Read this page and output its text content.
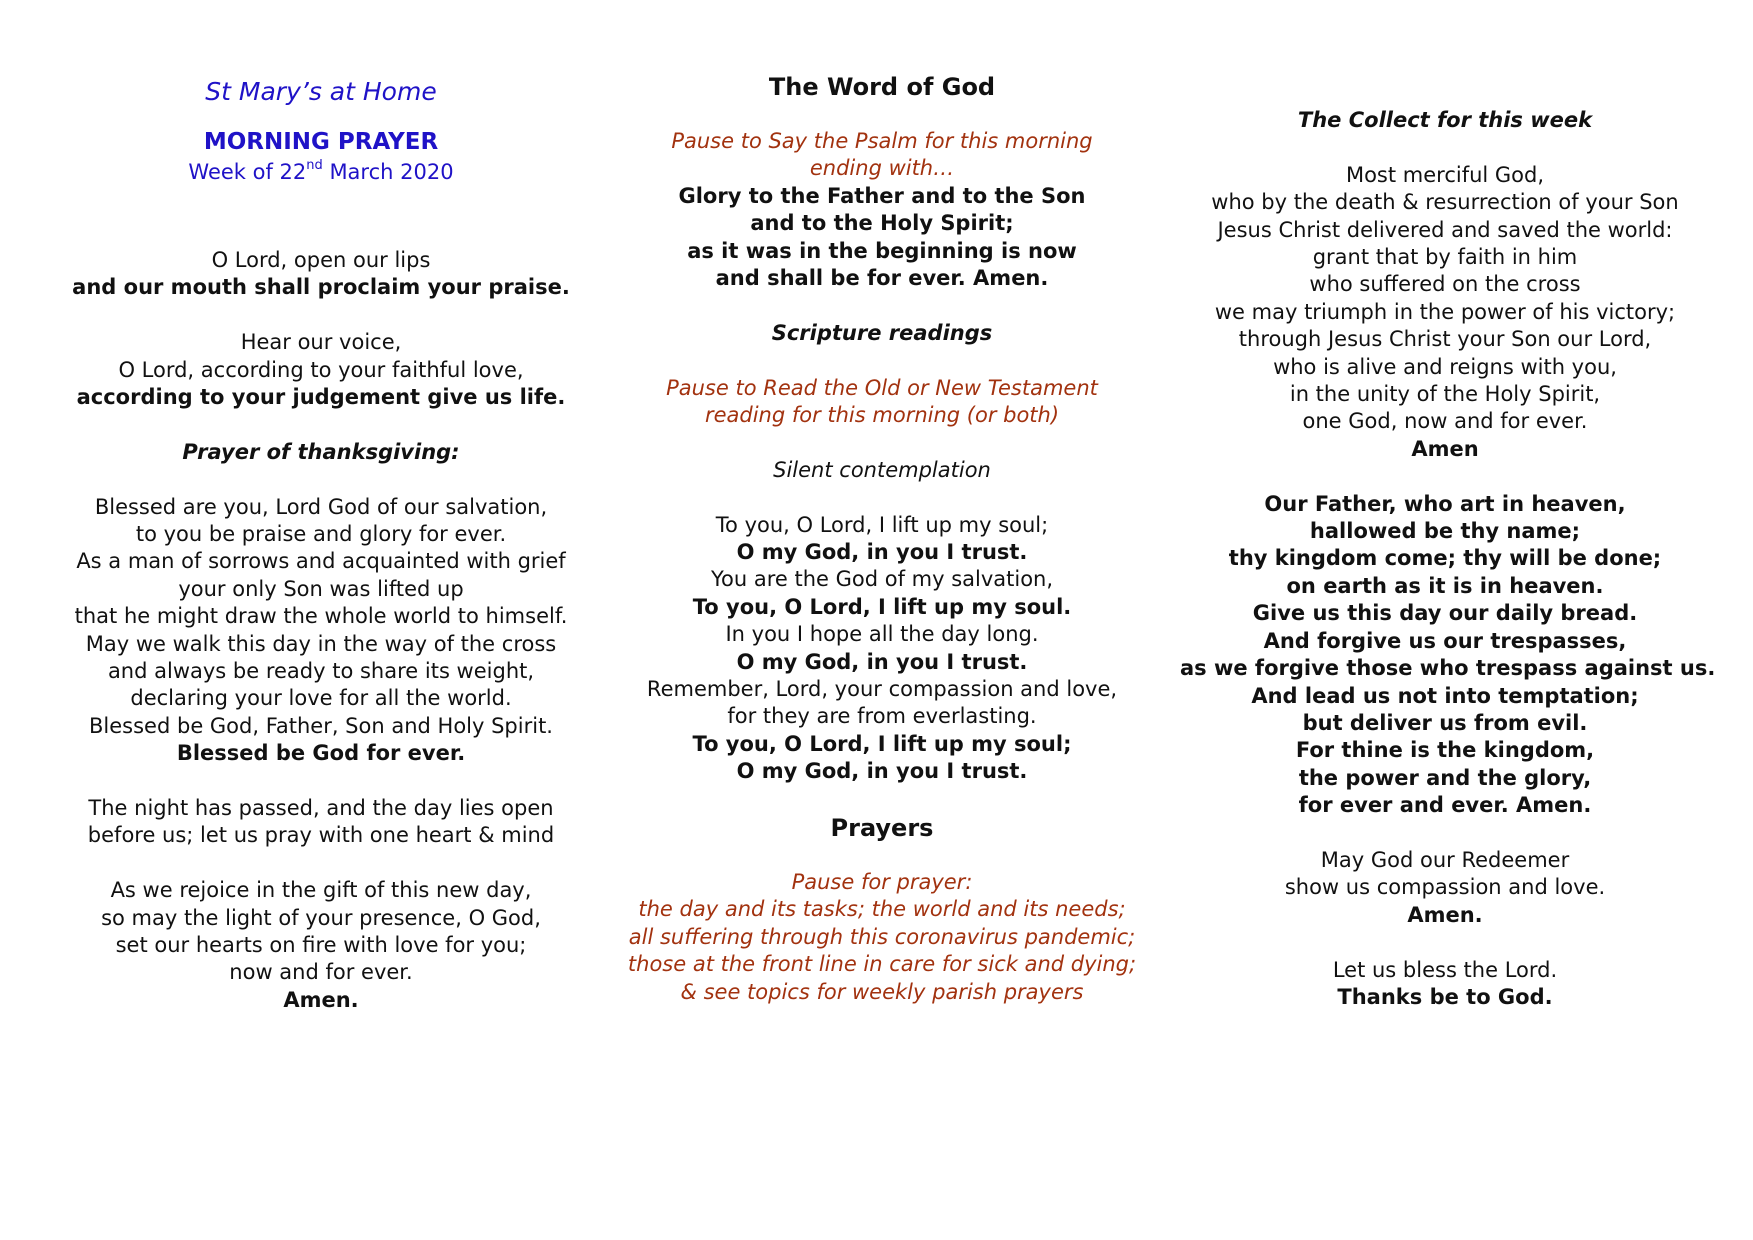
St Mary’s at Home
MORNING PRAYER
Week of 22nd March 2020
O Lord, open our lips
and our mouth shall proclaim your praise.
Hear our voice,
O Lord, according to your faithful love,
according to your judgement give us life.
Prayer of thanksgiving:
Blessed are you, Lord God of our salvation,
to you be praise and glory for ever.
As a man of sorrows and acquainted with grief
your only Son was lifted up
that he might draw the whole world to himself.
May we walk this day in the way of the cross
and always be ready to share its weight,
declaring your love for all the world.
Blessed be God, Father, Son and Holy Spirit.
Blessed be God for ever.
The night has passed, and the day lies open
before us; let us pray with one heart & mind
As we rejoice in the gift of this new day,
so may the light of your presence, O God,
set our hearts on fire with love for you;
now and for ever.
Amen.
The Word of God
Pause to Say the Psalm for this morning
ending with…
Glory to the Father and to the Son
and to the Holy Spirit;
as it was in the beginning is now
and shall be for ever. Amen.
Scripture readings
Pause to Read the Old or New Testament
reading for this morning (or both)
Silent contemplation
To you, O Lord, I lift up my soul;
O my God, in you I trust.
You are the God of my salvation,
To you, O Lord, I lift up my soul.
In you I hope all the day long.
O my God, in you I trust.
Remember, Lord, your compassion and love,
for they are from everlasting.
To you, O Lord, I lift up my soul;
O my God, in you I trust.
Prayers
Pause for prayer:
the day and its tasks; the world and its needs;
all suffering through this coronavirus pandemic;
those at the front line in care for sick and dying;
& see topics for weekly parish prayers
The Collect for this week
Most merciful God,
who by the death & resurrection of your Son
Jesus Christ delivered and saved the world:
grant that by faith in him
who suffered on the cross
we may triumph in the power of his victory;
through Jesus Christ your Son our Lord,
who is alive and reigns with you,
in the unity of the Holy Spirit,
one God, now and for ever.
Amen
Our Father, who art in heaven,
hallowed be thy name;
thy kingdom come; thy will be done;
on earth as it is in heaven.
Give us this day our daily bread.
And forgive us our trespasses,
as we forgive those who trespass against us.
And lead us not into temptation;
but deliver us from evil.
For thine is the kingdom,
the power and the glory,
for ever and ever. Amen.
May God our Redeemer
show us compassion and love.
Amen.
Let us bless the Lord.
Thanks be to God.
